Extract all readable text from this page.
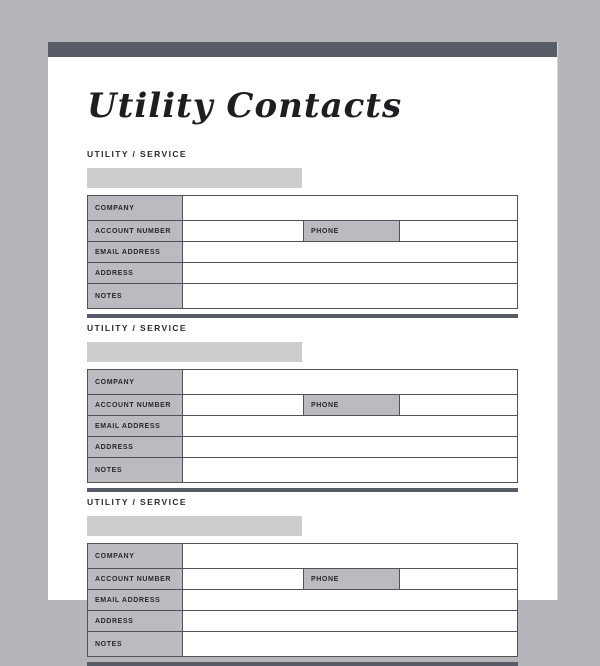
Utility Contacts
UTILITY / SERVICE
COMPANY
ACCOUNT NUMBER	PHONE
EMAIL ADDRESS
ADDRESS
NOTES
UTILITY / SERVICE
COMPANY
ACCOUNT NUMBER	PHONE
EMAIL ADDRESS
ADDRESS
NOTES
UTILITY / SERVICE
COMPANY
ACCOUNT NUMBER	PHONE
EMAIL ADDRESS
ADDRESS
NOTES
